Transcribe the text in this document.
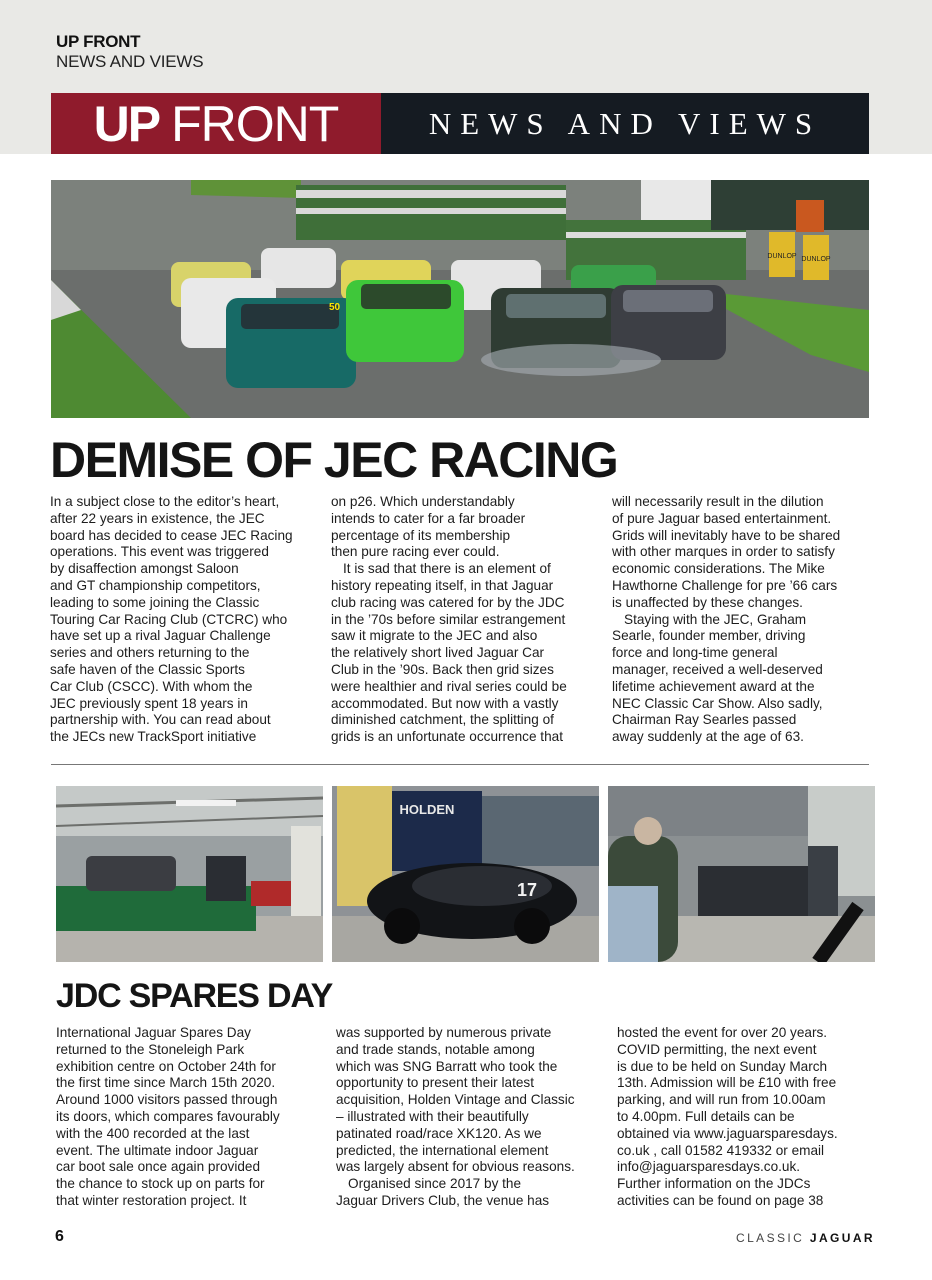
UP FRONT
NEWS AND VIEWS
UP FRONT	NEWS AND VIEWS
DUNLOP DUNLOP
50
DEMISE OF JEC RACING

In a subject close to the editor’s heart,
after 22 years in existence, the JEC
board has decided to cease JEC Racing
operations. This event was triggered
by disaffection amongst Saloon
and GT championship competitors,
leading to some joining the Classic
Touring Car Racing Club (CTCRC) who
have set up a rival Jaguar Challenge
series and others returning to the
safe haven of the Classic Sports
Car Club (CSCC). With whom the
JEC previously spent 18 years in
partnership with. You can read about
the JECs new TrackSport initiative

on p26. Which understandably
intends to cater for a far broader
percentage of its membership
then pure racing ever could.

It is sad that there is an element of
history repeating itself, in that Jaguar
club racing was catered for by the JDC
in the ’70s before similar estrangement
saw it migrate to the JEC and also
the relatively short lived Jaguar Car
Club in the ’90s. Back then grid sizes
were healthier and rival series could be
accommodated. But now with a vastly
diminished catchment, the splitting of
grids is an unfortunate occurrence that

will necessarily result in the dilution
of pure Jaguar based entertainment.
Grids will inevitably have to be shared
with other marques in order to satisfy
economic considerations. The Mike
Hawthorne Challenge for pre ’66 cars
is unaffected by these changes.

Staying with the JEC, Graham
Searle, founder member, driving
force and long-time general
manager, received a well-deserved
lifetime achievement award at the
NEC Classic Car Show. Also sadly,
Chairman Ray Searles passed
away suddenly at the age of 63.

HOLDEN
17
JDC SPARES DAY

International Jaguar Spares Day
returned to the Stoneleigh Park
exhibition centre on October 24th for
the first time since March 15th 2020.
Around 1000 visitors passed through
its doors, which compares favourably
with the 400 recorded at the last
event. The ultimate indoor Jaguar
car boot sale once again provided
the chance to stock up on parts for
that winter restoration project. It

was supported by numerous private
and trade stands, notable among
which was SNG Barratt who took the
opportunity to present their latest
acquisition, Holden Vintage and Classic
– illustrated with their beautifully
patinated road/race XK120. As we
predicted, the international element
was largely absent for obvious reasons.

Organised since 2017 by the
Jaguar Drivers Club, the venue has

hosted the event for over 20 years.
COVID permitting, the next event
is due to be held on Sunday March
13th. Admission will be £10 with free
parking, and will run from 10.00am
to 4.00pm. Full details can be
obtained via www.jaguarsparesdays.
co.uk , call 01582 419332 or email
info@jaguarsparesdays.co.uk.
Further information on the JDCs
activities can be found on page 38

6	CLASSIC JAGUAR
